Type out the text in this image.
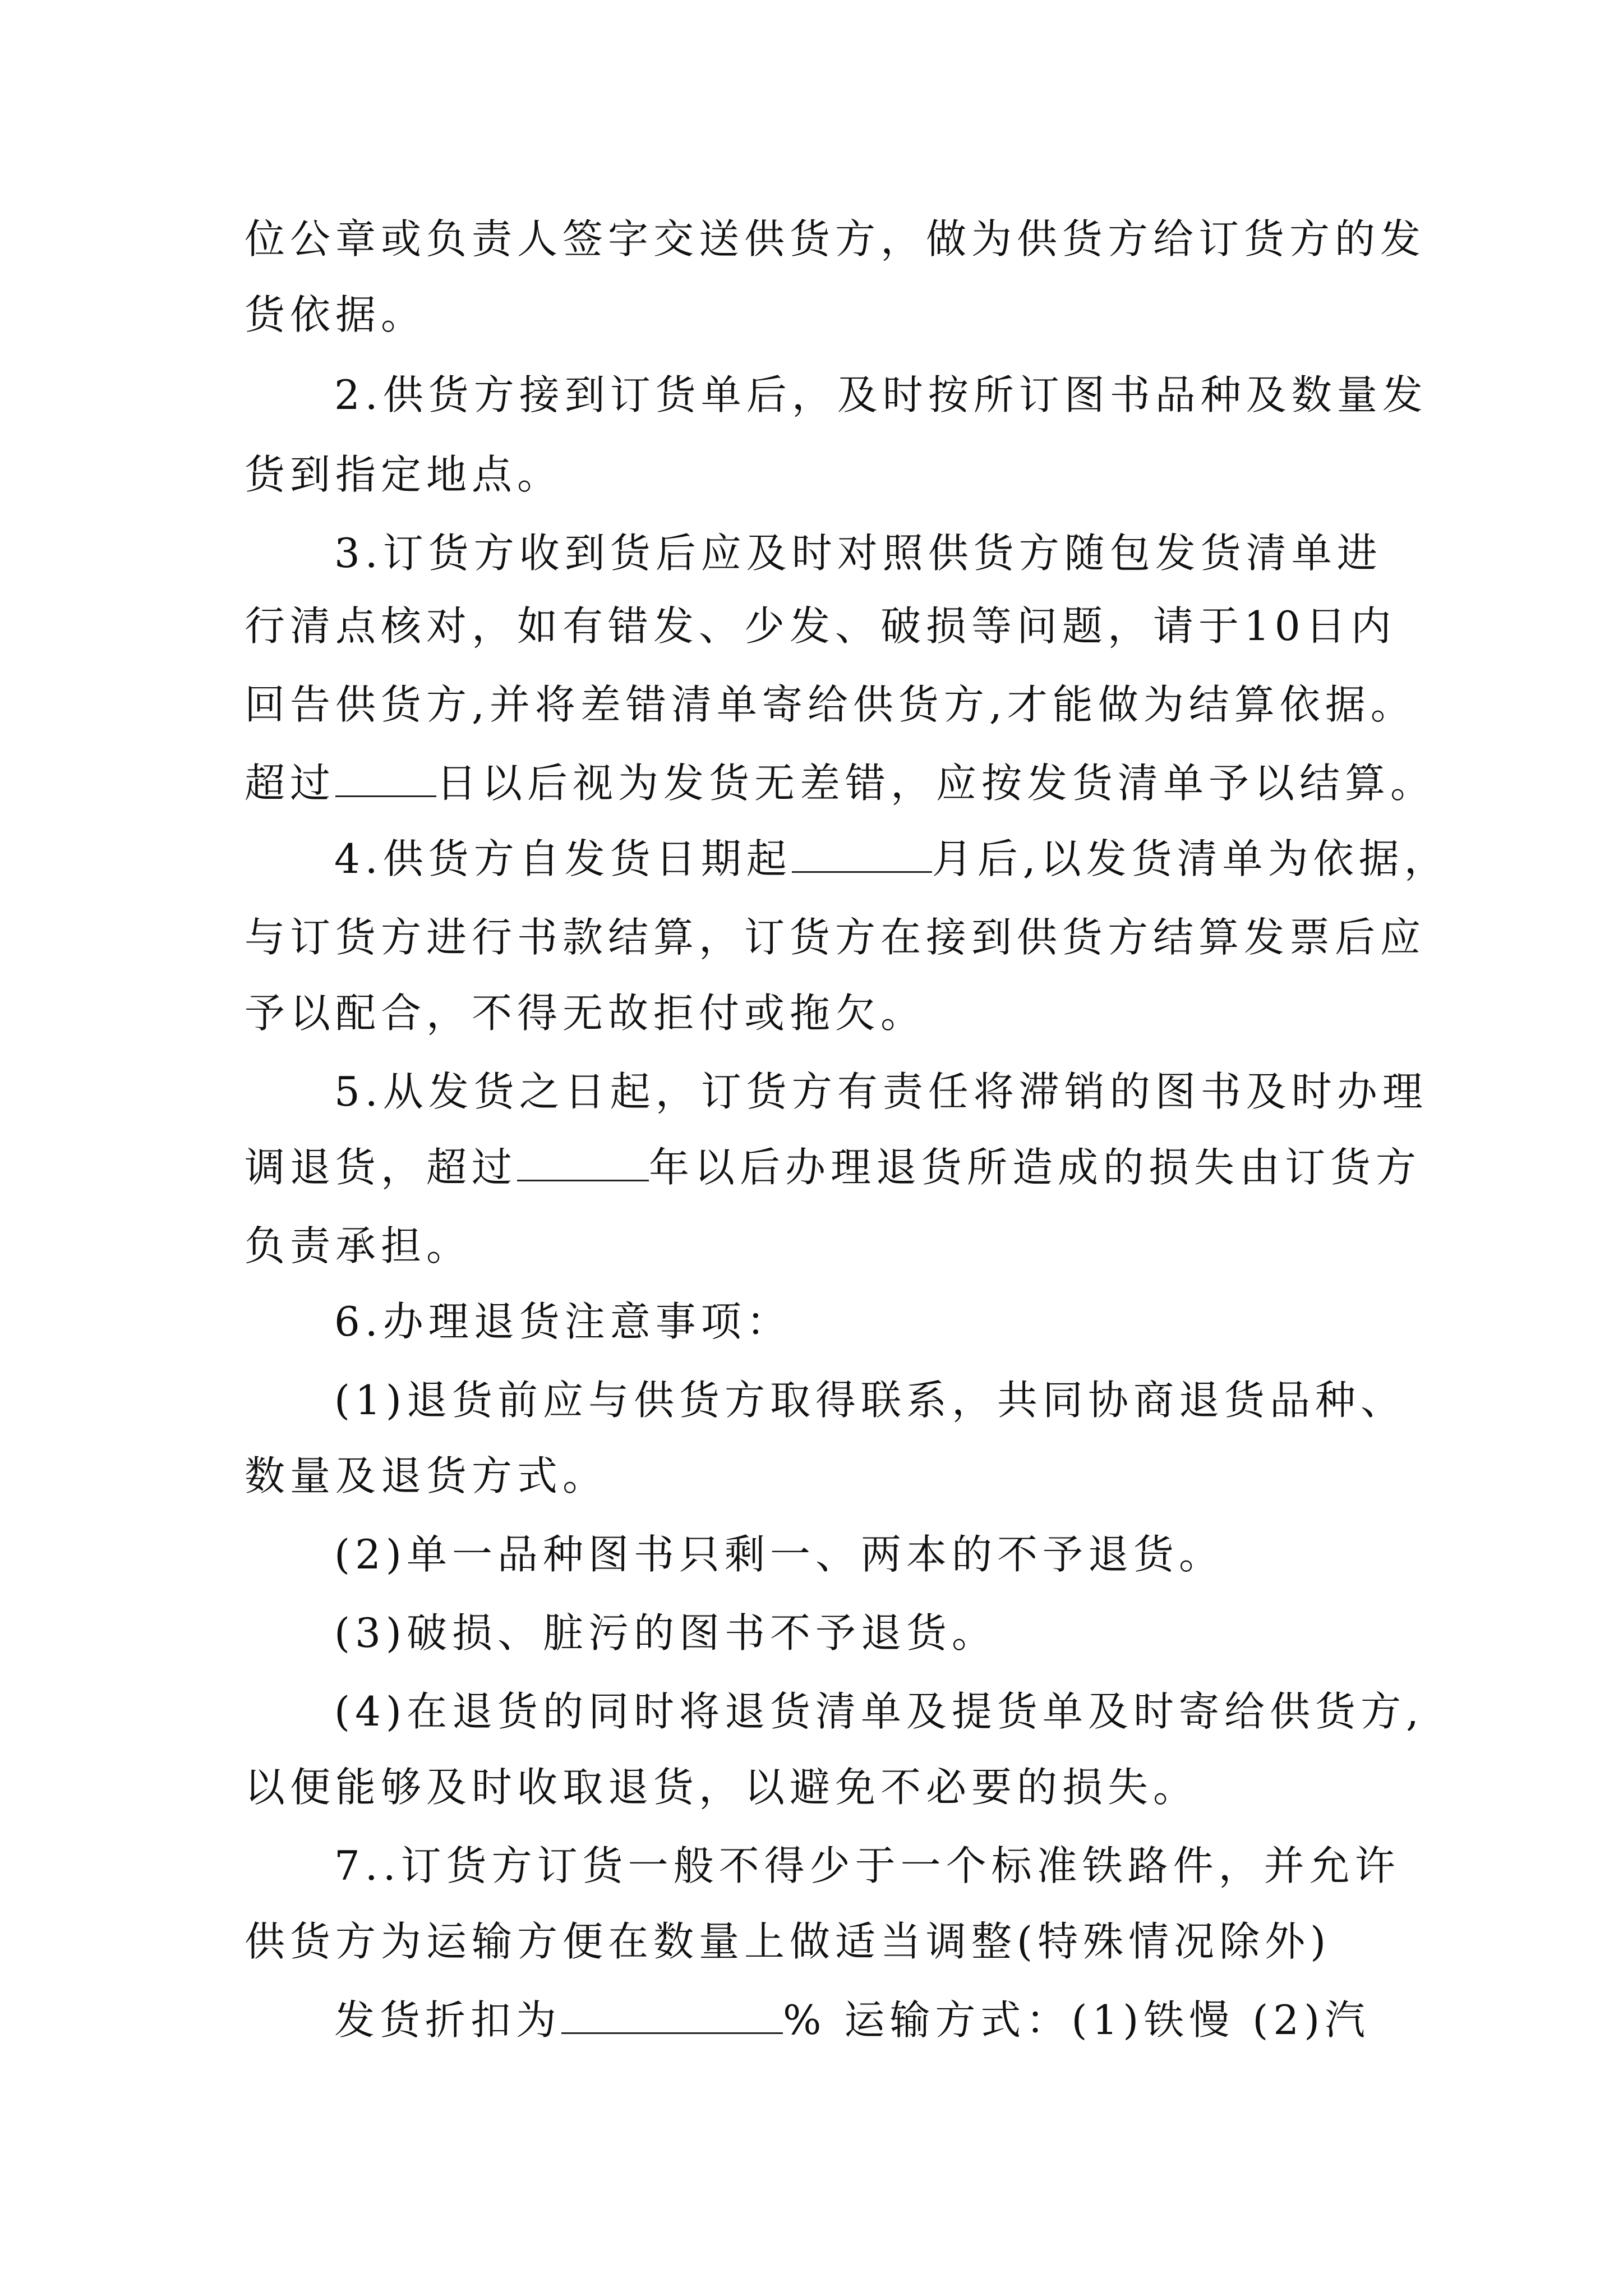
位公章或负责人签字交送供货方，做为供货方给订货方的发
货依据。
2.供货方接到订货单后，及时按所订图书品种及数量发
货到指定地点。
3.订货方收到货后应及时对照供货方随包发货清单进
行清点核对，如有错发、少发、破损等问题，请于10日内
回告供货方,并将差错清单寄给供货方,才能做为结算依据。
超过	日以后视为发货无差错，应按发货清单予以结算。
4.供货方自发货日期起	月后,以发货清单为依据，
与订货方进行书款结算，订货方在接到供货方结算发票后应
予以配合，不得无故拒付或拖欠。
5.从发货之日起，订货方有责任将滞销的图书及时办理
调退货，超过	年以后办理退货所造成的损失由订货方
负责承担。
6.办理退货注意事项：
(1)退货前应与供货方取得联系，共同协商退货品种、
数量及退货方式。
(2)单一品种图书只剩一、两本的不予退货。
(3)破损、脏污的图书不予退货。
(4)在退货的同时将退货清单及提货单及时寄给供货方,
以便能够及时收取退货，以避免不必要的损失。
7..订货方订货一般不得少于一个标准铁路件，并允许
供货方为运输方便在数量上做适当调整(特殊情况除外)
发货折扣为	% 运输方式：(1)铁慢 (2)汽
